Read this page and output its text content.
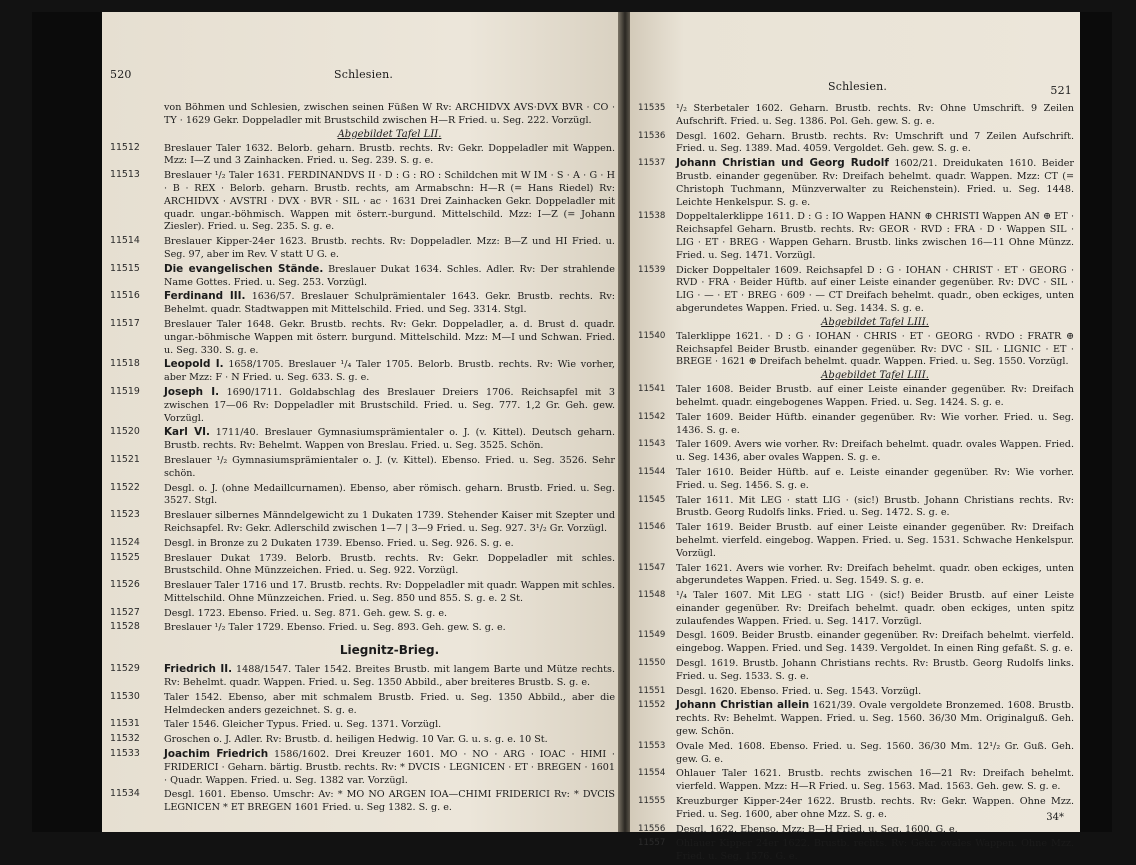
520	Schlesien.
von Böhmen und Schlesien, zwischen seinen Füßen W Rv: ARCHIDVX AVS·DVX BVR · CO · TY · 1629 Gekr. Doppeladler mit Brustschild zwischen H—R Fried. u. Seg. 222. Vorzügl.
Abgebildet Tafel LII.
11512	Breslauer Taler 1632. Belorb. geharn. Brustb. rechts. Rv: Gekr. Doppeladler mit Wappen. Mzz: I—Z und 3 Zainhacken. Fried. u. Seg. 239. S. g. e.
11513	Breslauer ¹/₂ Taler 1631. FERDINANDVS II · D : G : RO : Schildchen mit W IM · S · A · G · H · B · REX · Belorb. geharn. Brustb. rechts, am Armabschn: H—R (= Hans Riedel) Rv: ARCHIDVX · AVSTRI · DVX · BVR · SIL · ac · 1631 Drei Zainhacken Gekr. Doppeladler mit quadr. ungar.-böhmisch. Wappen mit österr.-burgund. Mittelschild. Mzz: I—Z (= Johann Ziesler). Fried. u. Seg. 235. S. g. e.
11514	Breslauer Kipper-24er 1623. Brustb. rechts. Rv: Doppeladler. Mzz: B—Z und HI Fried. u. Seg. 97, aber im Rev. V statt U G. e.
11515	Die evangelischen Stände. Breslauer Dukat 1634. Schles. Adler. Rv: Der strahlende Name Gottes. Fried. u. Seg. 253. Vorzügl.
11516	Ferdinand III. 1636/57. Breslauer Schulprämientaler 1643. Gekr. Brustb. rechts. Rv: Behelmt. quadr. Stadtwappen mit Mittelschild. Fried. und Seg. 3314. Stgl.
11517	Breslauer Taler 1648. Gekr. Brustb. rechts. Rv: Gekr. Doppeladler, a. d. Brust d. quadr. ungar.-böhmische Wappen mit österr. burgund. Mittelschild. Mzz: M—I und Schwan. Fried. u. Seg. 330. S. g. e.
11518	Leopold I. 1658/1705. Breslauer ¹/₄ Taler 1705. Belorb. Brustb. rechts. Rv: Wie vorher, aber Mzz: F · N Fried. u. Seg. 633. S. g. e.
11519	Joseph I. 1690/1711. Goldabschlag des Breslauer Dreiers 1706. Reichsapfel mit 3 zwischen 17—06 Rv: Doppeladler mit Brustschild. Fried. u. Seg. 777. 1,2 Gr. Geh. gew. Vorzügl.
11520	Karl VI. 1711/40. Breslauer Gymnasiumsprämientaler o. J. (v. Kittel). Deutsch geharn. Brustb. rechts. Rv: Behelmt. Wappen von Breslau. Fried. u. Seg. 3525. Schön.
11521	Breslauer ¹/₂ Gymnasiumsprämientaler o. J. (v. Kittel). Ebenso. Fried. u. Seg. 3526. Sehr schön.
11522	Desgl. o. J. (ohne Medaillcurnamen). Ebenso, aber römisch. geharn. Brustb. Fried. u. Seg. 3527. Stgl.
11523	Breslauer silbernes Männdelgewicht zu 1 Dukaten 1739. Stehender Kaiser mit Szepter und Reichsapfel. Rv: Gekr. Adlerschild zwischen 1—7 | 3—9 Fried. u. Seg. 927. 3¹/₂ Gr. Vorzügl.
11524	Desgl. in Bronze zu 2 Dukaten 1739. Ebenso. Fried. u. Seg. 926. S. g. e.
11525	Breslauer Dukat 1739. Belorb. Brustb. rechts. Rv: Gekr. Doppeladler mit schles. Brustschild. Ohne Münzzeichen. Fried. u. Seg. 922. Vorzügl.
11526	Breslauer Taler 1716 und 17. Brustb. rechts. Rv: Doppeladler mit quadr. Wappen mit schles. Mittelschild. Ohne Münzzeichen. Fried. u. Seg. 850 und 855. S. g. e. 2 St.
11527	Desgl. 1723. Ebenso. Fried. u. Seg. 871. Geh. gew. S. g. e.
11528	Breslauer ¹/₂ Taler 1729. Ebenso. Fried. u. Seg. 893. Geh. gew. S. g. e.
Liegnitz-Brieg.
11529	Friedrich II. 1488/1547. Taler 1542. Breites Brustb. mit langem Barte und Mütze rechts. Rv: Behelmt. quadr. Wappen. Fried. u. Seg. 1350 Abbild., aber breiteres Brustb. S. g. e.
11530	Taler 1542. Ebenso, aber mit schmalem Brustb. Fried. u. Seg. 1350 Abbild., aber die Helmdecken anders gezeichnet. S. g. e.
11531	Taler 1546. Gleicher Typus. Fried. u. Seg. 1371. Vorzügl.
11532	Groschen o. J. Adler. Rv: Brustb. d. heiligen Hedwig. 10 Var. G. u. s. g. e. 10 St.
11533	Joachim Friedrich 1586/1602. Drei Kreuzer 1601. MO · NO · ARG · IOAC · HIMI · FRIDERICI · Geharn. bärtig. Brustb. rechts. Rv: * DVCIS · LEGNICEN · ET · BREGEN · 1601 · Quadr. Wappen. Fried. u. Seg. 1382 var. Vorzügl.
11534	Desgl. 1601. Ebenso. Umschr: Av: * MO NO ARGEN IOA—CHIMI FRIDERICI Rv: * DVCIS LEGNICEN * ET BREGEN 1601 Fried. u. Seg 1382. S. g. e.
Schlesien.	521
11535	¹/₂ Sterbetaler 1602. Geharn. Brustb. rechts. Rv: Ohne Umschrift. 9 Zeilen Aufschrift. Fried. u. Seg. 1386. Pol. Geh. gew. S. g. e.
11536	Desgl. 1602. Geharn. Brustb. rechts. Rv: Umschrift und 7 Zeilen Aufschrift. Fried. u. Seg. 1389. Mad. 4059. Vergoldet. Geh. gew. S. g. e.
11537	Johann Christian und Georg Rudolf 1602/21. Dreidukaten 1610. Beider Brustb. einander gegenüber. Rv: Dreifach behelmt. quadr. Wappen. Mzz: CT (= Christoph Tuchmann, Münzverwalter zu Reichenstein). Fried. u. Seg. 1448. Leichte Henkelspur. S. g. e.
11538	Doppeltalerklippe 1611. D : G : IO Wappen HANN ⊕ CHRISTI Wappen AN ⊕ ET · Reichsapfel Geharn. Brustb. rechts. Rv: GEOR · RVD : FRA · D · Wappen SIL · LIG · ET · BREG · Wappen Geharn. Brustb. links zwischen 16—11 Ohne Münzz. Fried. u. Seg. 1471. Vorzügl.
11539	Dicker Doppeltaler 1609. Reichsapfel D : G · IOHAN · CHRIST · ET · GEORG · RVD · FRA · Beider Hüftb. auf einer Leiste einander gegenüber. Rv: DVC · SIL · LIG · — · ET · BREG · 609 · — CT Dreifach behelmt. quadr., oben eckiges, unten abgerundetes Wappen. Fried. u. Seg. 1434. S. g. e.
Abgebildet Tafel LIII.
11540	Talerklippe 1621. · D : G · IOHAN · CHRIS · ET · GEORG · RVDO : FRATR ⊕ Reichsapfel Beider Brustb. einander gegenüber. Rv: DVC · SIL · LIGNIC · ET · BREGE · 1621 ⊕ Dreifach behelmt. quadr. Wappen. Fried. u. Seg. 1550. Vorzügl.
Abgebildet Tafel LIII.
11541	Taler 1608. Beider Brustb. auf einer Leiste einander gegenüber. Rv: Dreifach behelmt. quadr. eingebogenes Wappen. Fried. u. Seg. 1424. S. g. e.
11542	Taler 1609. Beider Hüftb. einander gegenüber. Rv: Wie vorher. Fried. u. Seg. 1436. S. g. e.
11543	Taler 1609. Avers wie vorher. Rv: Dreifach behelmt. quadr. ovales Wappen. Fried. u. Seg. 1436, aber ovales Wappen. S. g. e.
11544	Taler 1610. Beider Hüftb. auf e. Leiste einander gegenüber. Rv: Wie vorher. Fried. u. Seg. 1456. S. g. e.
11545	Taler 1611. Mit LEG · statt LIG · (sic!) Brustb. Johann Christians rechts. Rv: Brustb. Georg Rudolfs links. Fried. u. Seg. 1472. S. g. e.
11546	Taler 1619. Beider Brustb. auf einer Leiste einander gegenüber. Rv: Dreifach behelmt. vierfeld. eingebog. Wappen. Fried. u. Seg. 1531. Schwache Henkelspur. Vorzügl.
11547	Taler 1621. Avers wie vorher. Rv: Dreifach behelmt. quadr. oben eckiges, unten abgerundetes Wappen. Fried. u. Seg. 1549. S. g. e.
11548	¹/₄ Taler 1607. Mit LEG · statt LIG · (sic!) Beider Brustb. auf einer Leiste einander gegenüber. Rv: Dreifach behelmt. quadr. oben eckiges, unten spitz zulaufendes Wappen. Fried. u. Seg. 1417. Vorzügl.
11549	Desgl. 1609. Beider Brustb. einander gegenüber. Rv: Dreifach behelmt. vierfeld. eingebog. Wappen. Fried. und Seg. 1439. Vergoldet. In einen Ring gefaßt. S. g. e.
11550	Desgl. 1619. Brustb. Johann Christians rechts. Rv: Brustb. Georg Rudolfs links. Fried. u. Seg. 1533. S. g. e.
11551	Desgl. 1620. Ebenso. Fried. u. Seg. 1543. Vorzügl.
11552	Johann Christian allein 1621/39. Ovale vergoldete Bronzemed. 1608. Brustb. rechts. Rv: Behelmt. Wappen. Fried. u. Seg. 1560. 36/30 Mm. Originalguß. Geh. gew. Schön.
11553	Ovale Med. 1608. Ebenso. Fried. u. Seg. 1560. 36/30 Mm. 12¹/₂ Gr. Guß. Geh. gew. G. e.
11554	Ohlauer Taler 1621. Brustb. rechts zwischen 16—21 Rv: Dreifach behelmt. vierfeld. Wappen. Mzz: H—R Fried. u. Seg. 1563. Mad. 1563. Geh. gew. S. g. e.
11555	Kreuzburger Kipper-24er 1622. Brustb. rechts. Rv: Gekr. Wappen. Ohne Mzz. Fried. u. Seg. 1600, aber ohne Mzz. S. g. e.
11556	Desgl. 1622. Ebenso. Mzz: B—H Fried. u. Seg. 1600. G. e.
11557	Ohlauer Kipper 24er 1622. Brustb. rechts. Rv: Gekr. ovales Wappen. Ohne Mzz. Fried. u. Seg. 1576. G. e.
34*
